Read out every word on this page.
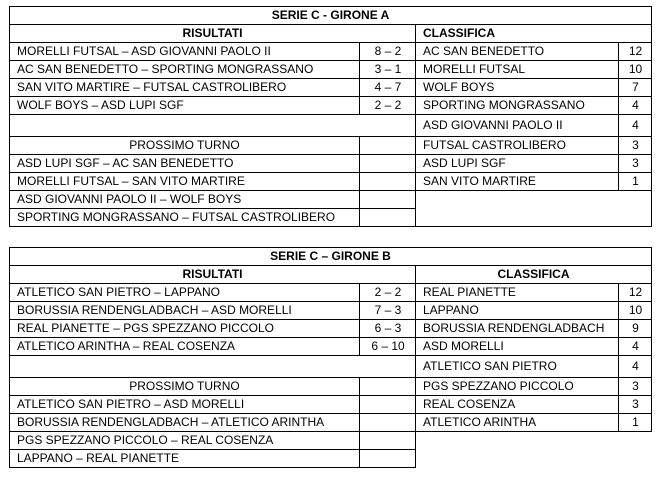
SERIE C - GIRONE A
RISULTATI	CLASSIFICA
MORELLI FUTSAL – ASD GIOVANNI PAOLO II	8 – 2
AC SAN BENEDETTO – SPORTING MONGRASSANO	3 – 1
SAN VITO MARTIRE – FUTSAL CASTROLIBERO	4 – 7
WOLF BOYS – ASD LUPI SGF	2 – 2
PROSSIMO TURNO
ASD LUPI SGF – AC SAN BENEDETTO
MORELLI FUTSAL – SAN VITO MARTIRE
ASD GIOVANNI PAOLO II – WOLF BOYS
SPORTING MONGRASSANO – FUTSAL CASTROLIBERO
AC SAN BENEDETTO	12
MORELLI FUTSAL	10
WOLF BOYS	7
SPORTING MONGRASSANO	4
ASD GIOVANNI PAOLO II	4
FUTSAL CASTROLIBERO	3
ASD LUPI SGF	3
SAN VITO MARTIRE	1
SERIE C – GIRONE B
RISULTATI	CLASSIFICA
ATLETICO SAN PIETRO – LAPPANO	2 – 2
BORUSSIA RENDENGLADBACH – ASD MORELLI	7 – 3
REAL PIANETTE – PGS SPEZZANO PICCOLO	6 – 3
ATLETICO ARINTHA – REAL COSENZA	6 – 10
PROSSIMO TURNO
ATLETICO SAN PIETRO – ASD MORELLI
BORUSSIA RENDENGLADBACH – ATLETICO ARINTHA
PGS SPEZZANO PICCOLO – REAL COSENZA
LAPPANO – REAL PIANETTE
REAL PIANETTE	12
LAPPANO	10
BORUSSIA RENDENGLADBACH	9
ASD MORELLI	4
ATLETICO SAN PIETRO	4
PGS SPEZZANO PICCOLO	3
REAL COSENZA	3
ATLETICO ARINTHA	1
